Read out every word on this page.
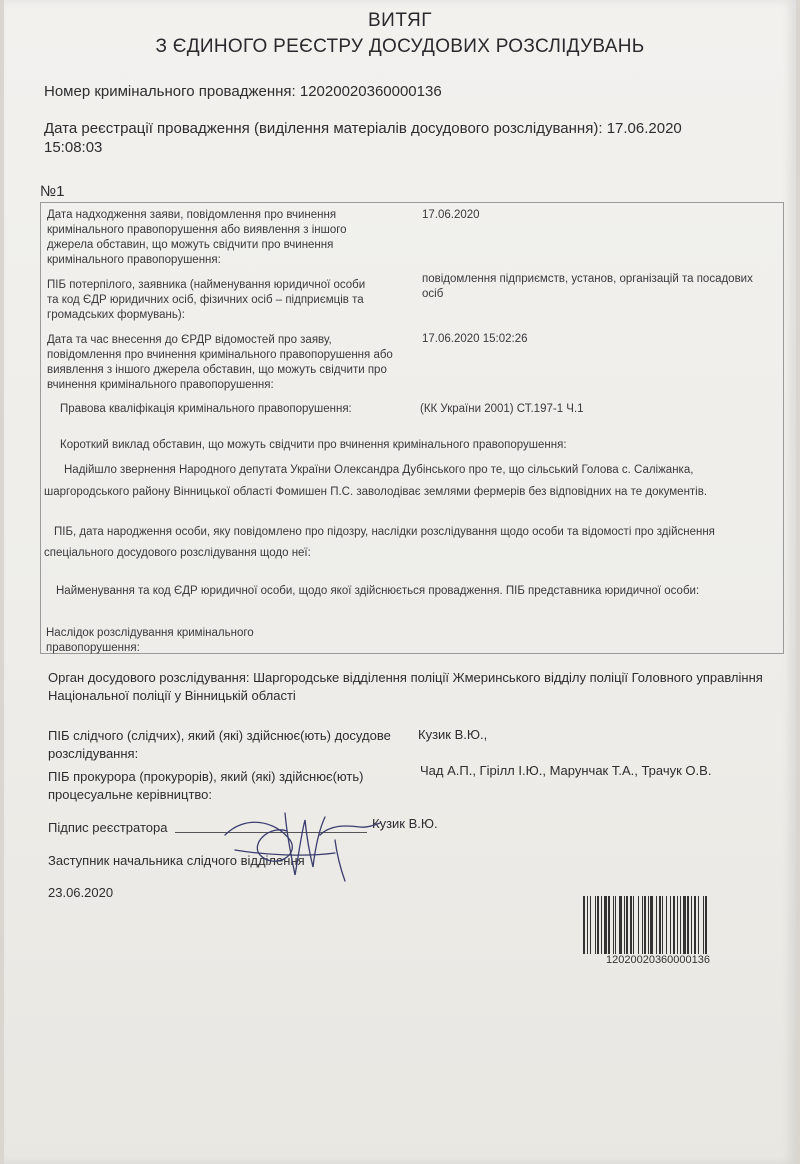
ВИТЯГ
З ЄДИНОГО РЕЄСТРУ ДОСУДОВИХ РОЗСЛІДУВАНЬ
Номер кримінального провадження: 12020020360000136
Дата реєстрації провадження (виділення матеріалів досудового розслідування): 17.06.2020
15:08:03
№1
Дата надходження заяви, повідомлення про вчинення
кримінального правопорушення або виявлення з іншого
джерела обставин, що можуть свідчити про вчинення
кримінального правопорушення:
17.06.2020
ПІБ потерпілого, заявника (найменування юридичної особи
та код ЄДР юридичних осіб, фізичних осіб – підприємців та
громадських формувань):
повідомлення підприємств, установ, організацій та посадових
осіб
Дата та час внесення до ЄРДР відомостей про заяву,
повідомлення про вчинення кримінального правопорушення або
виявлення з іншого джерела обставин, що можуть свідчити про
вчинення кримінального правопорушення:
17.06.2020 15:02:26
Правова кваліфікація кримінального правопорушення:	(КК України 2001) СТ.197-1 Ч.1
Короткий виклад обставин, що можуть свідчити про вчинення кримінального правопорушення:
Надійшло звернення Народного депутата України Олександра Дубінського про те, що сільський Голова с. Саліжанка,
шаргородського району Вінницької області Фомишен П.С. заволодіває землями фермерів без відповідних на те документів.
ПІБ, дата народження особи, яку повідомлено про підозру, наслідки розслідування щодо особи та відомості про здійснення
спеціального досудового розслідування щодо неї:
Найменування та код ЄДР юридичної особи, щодо якої здійснюється провадження. ПІБ представника юридичної особи:
Наслідок розслідування кримінального
правопорушення:
Орган досудового розслідування: Шаргородське відділення поліції Жмеринського відділу поліції Головного управління
Національної поліції у Вінницькій області
ПІБ слідчого (слідчих), який (які) здійснює(ють) досудове
розслідування:
Кузик В.Ю.,
ПІБ прокурора (прокурорів), який (які) здійснює(ють)
процесуальне керівництво:
Чад А.П., Гірілл І.Ю., Марунчак Т.А., Трачук О.В.
Підпис реєстратора	Кузик В.Ю.
Заступник начальника слідчого відділення
23.06.2020
12020020360000136
